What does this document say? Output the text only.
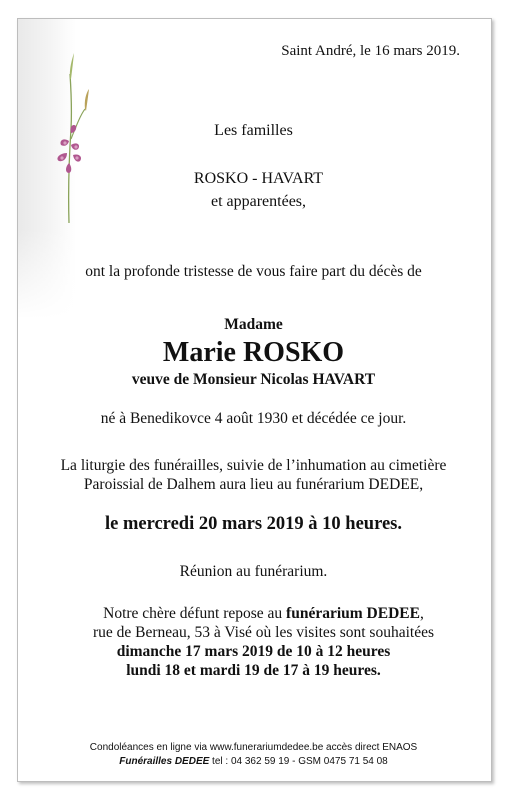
Saint André, le 16 mars 2019.
Les familles
ROSKO - HAVART
et apparentées,
ont la profonde tristesse de vous faire part du décès de
Madame
Marie ROSKO
veuve de Monsieur Nicolas HAVART
né à Benedikovce 4 août 1930 et décédée ce jour.
La liturgie des funérailles, suivie de l’inhumation au cimetière
Paroissial de Dalhem aura lieu au funérarium DEDEE,
le mercredi 20 mars 2019 à 10 heures.
Réunion au funérarium.
Notre chère défunt repose au funérarium DEDEE,
rue de Berneau, 53 à Visé où les visites sont souhaitées
dimanche 17 mars 2019 de 10 à 12 heures
lundi 18 et mardi 19 de 17 à 19 heures.
Condoléances en ligne via www.funerariumdedee.be accès direct ENAOS
Funérailles DEDEE tel : 04 362 59 19 - GSM 0475 71 54 08
